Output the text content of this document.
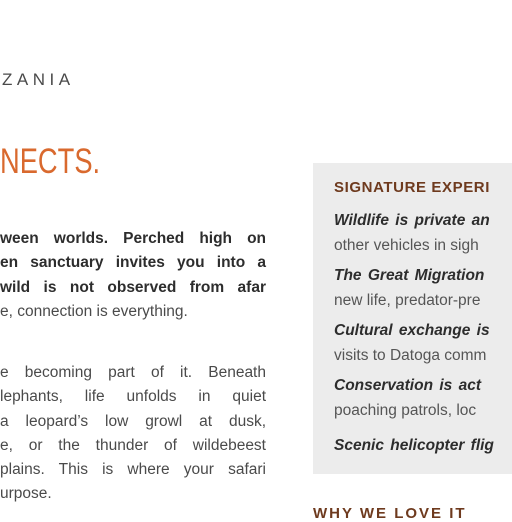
ZANIA
NECTS.
ween worlds. Perched high on
en sanctuary invites you into a
wild is not observed from afar
e, connection is everything.
e becoming part of it. Beneath
lephants, life unfolds in quiet
a leopard’s low growl at dusk,
e, or the thunder of wildebeest
plains. This is where your safari
urpose.
SIGNATURE EXPERI
Wildlife is private an
other vehicles in sigh
The Great Migration
new life, predator-pre
Cultural exchange is
visits to Datoga comm
Conservation is act
poaching patrols, loc
Scenic helicopter flig
WHY WE LOVE IT
